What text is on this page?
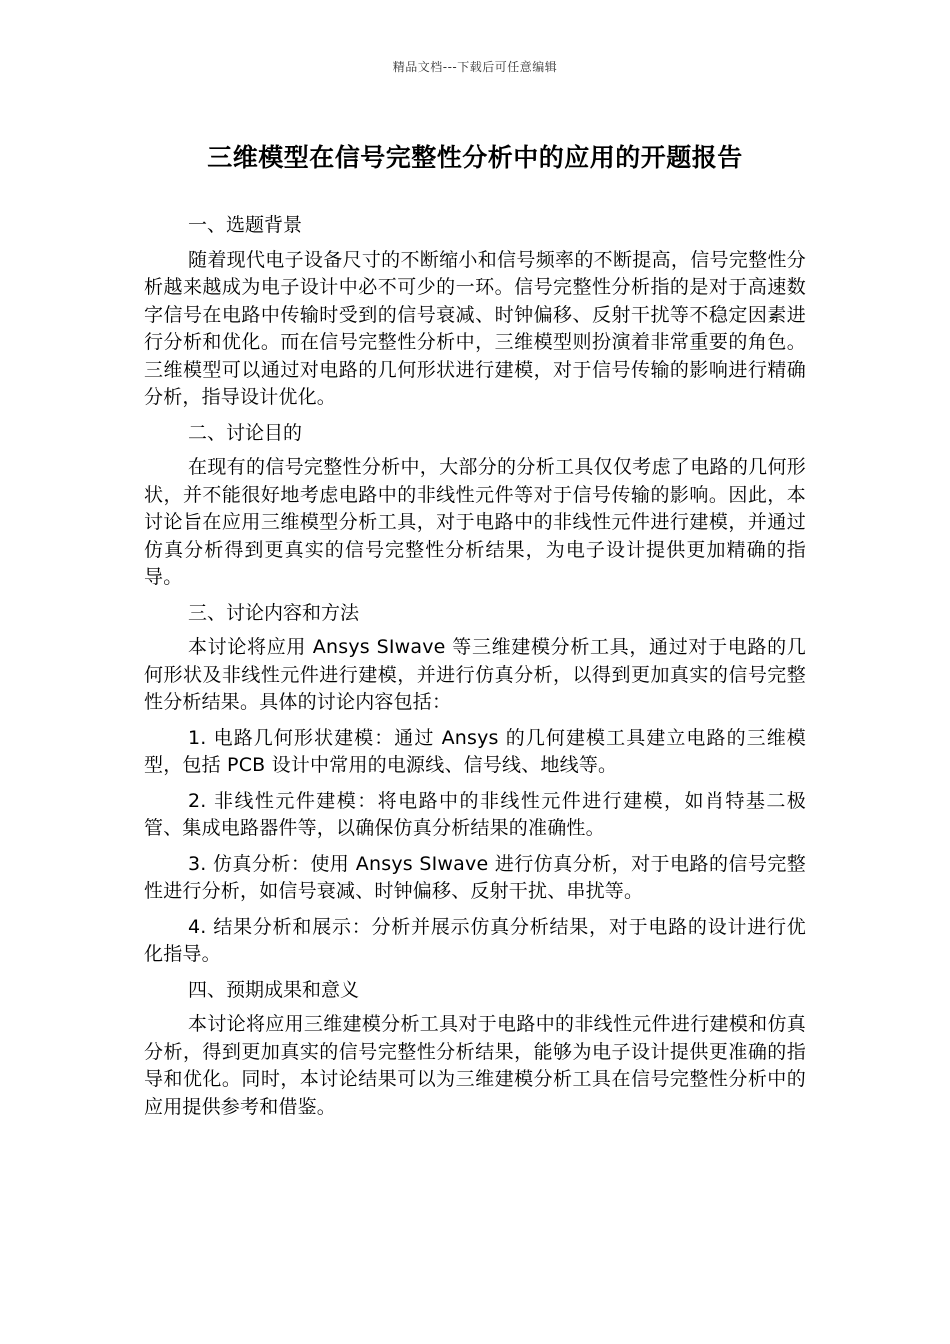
精品文档---下载后可任意编辑
三维模型在信号完整性分析中的应用的开题报告

一、选题背景

随着现代电子设备尺寸的不断缩小和信号频率的不断提高，信号完整性分析越来越成为电子设计中必不可少的一环。信号完整性分析指的是对于高速数字信号在电路中传输时受到的信号衰减、时钟偏移、反射干扰等不稳定因素进行分析和优化。而在信号完整性分析中，三维模型则扮演着非常重要的角色。三维模型可以通过对电路的几何形状进行建模，对于信号传输的影响进行精确分析，指导设计优化。

二、讨论目的

在现有的信号完整性分析中，大部分的分析工具仅仅考虑了电路的几何形状，并不能很好地考虑电路中的非线性元件等对于信号传输的影响。因此，本讨论旨在应用三维模型分析工具，对于电路中的非线性元件进行建模，并通过仿真分析得到更真实的信号完整性分析结果，为电子设计提供更加精确的指导。

三、讨论内容和方法

本讨论将应用 Ansys SIwave 等三维建模分析工具，通过对于电路的几何形状及非线性元件进行建模，并进行仿真分析，以得到更加真实的信号完整性分析结果。具体的讨论内容包括：

1. 电路几何形状建模：通过 Ansys 的几何建模工具建立电路的三维模型，包括 PCB 设计中常用的电源线、信号线、地线等。

2. 非线性元件建模：将电路中的非线性元件进行建模，如肖特基二极管、集成电路器件等，以确保仿真分析结果的准确性。

3. 仿真分析：使用 Ansys SIwave 进行仿真分析，对于电路的信号完整性进行分析，如信号衰减、时钟偏移、反射干扰、串扰等。

4. 结果分析和展示：分析并展示仿真分析结果，对于电路的设计进行优化指导。

四、预期成果和意义

本讨论将应用三维建模分析工具对于电路中的非线性元件进行建模和仿真分析，得到更加真实的信号完整性分析结果，能够为电子设计提供更准确的指导和优化。同时，本讨论结果可以为三维建模分析工具在信号完整性分析中的应用提供参考和借鉴。
